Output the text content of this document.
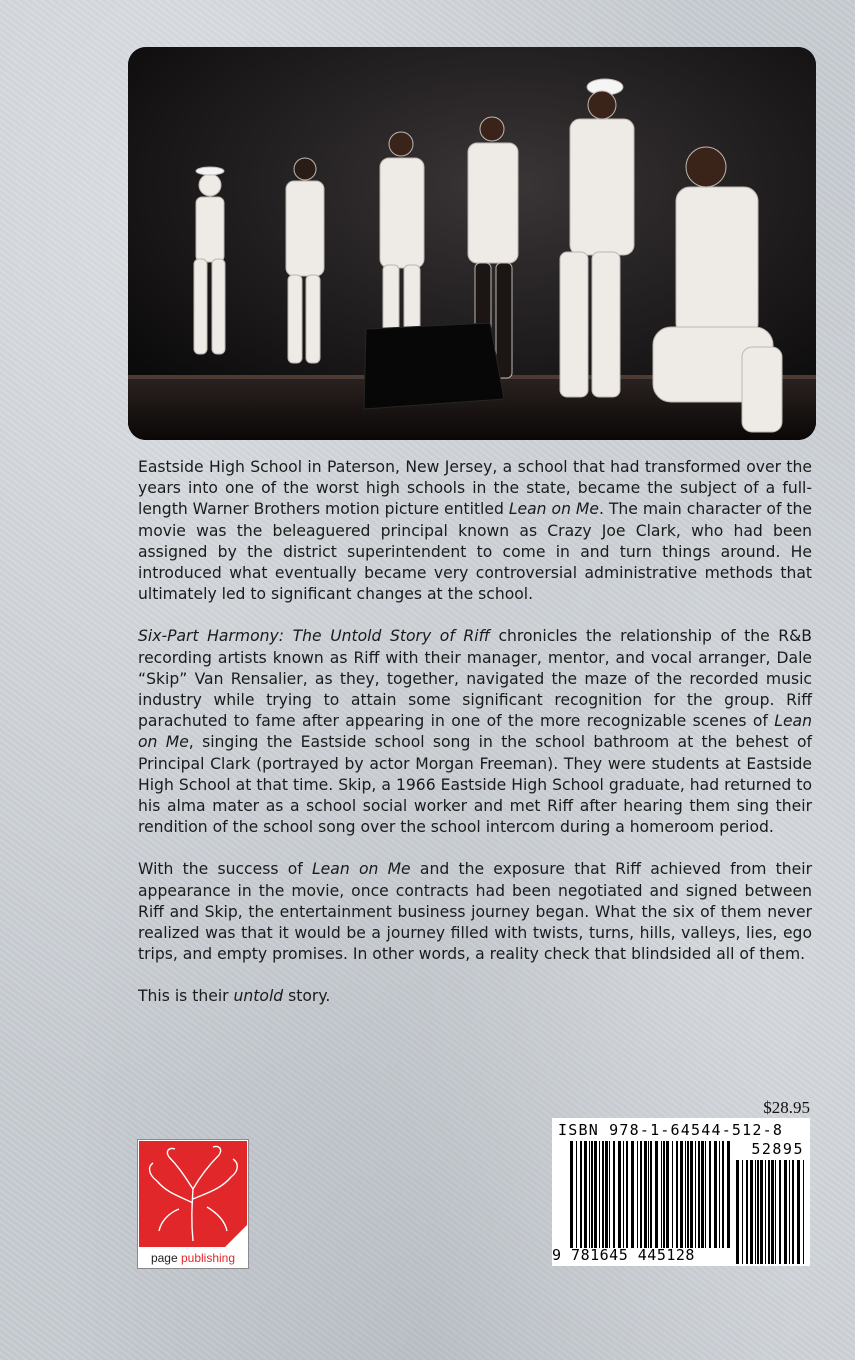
Eastside High School in Paterson, New Jersey, a school that had transformed over the years into one of the worst high schools in the state, became the subject of a full-length Warner Brothers motion picture entitled Lean on Me. The main character of the movie was the beleaguered principal known as Crazy Joe Clark, who had been assigned by the district superintendent to come in and turn things around. He introduced what eventually became very controversial administrative methods that ultimately led to significant changes at the school.

Six-Part Harmony: The Untold Story of Riff chronicles the relationship of the R&B recording artists known as Riff with their manager, mentor, and vocal arranger, Dale “Skip” Van Rensalier, as they, together, navigated the maze of the recorded music industry while trying to attain some significant recognition for the group. Riff parachuted to fame after appearing in one of the more recognizable scenes of Lean on Me, singing the Eastside school song in the school bathroom at the behest of Principal Clark (portrayed by actor Morgan Freeman). They were students at Eastside High School at that time. Skip, a 1966 Eastside High School graduate, had returned to his alma mater as a school social worker and met Riff after hearing them sing their rendition of the school song over the school intercom during a homeroom period.

With the success of Lean on Me and the exposure that Riff achieved from their appearance in the movie, once contracts had been negotiated and signed between Riff and Skip, the entertainment business journey began. What the six of them never realized was that it would be a journey filled with twists, turns, hills, valleys, lies, ego trips, and empty promises. In other words, a reality check that blindsided all of them.

This is their untold story.

page publishing
$28.95
ISBN 978-1-64544-512-8
52895
9 781645 445128
